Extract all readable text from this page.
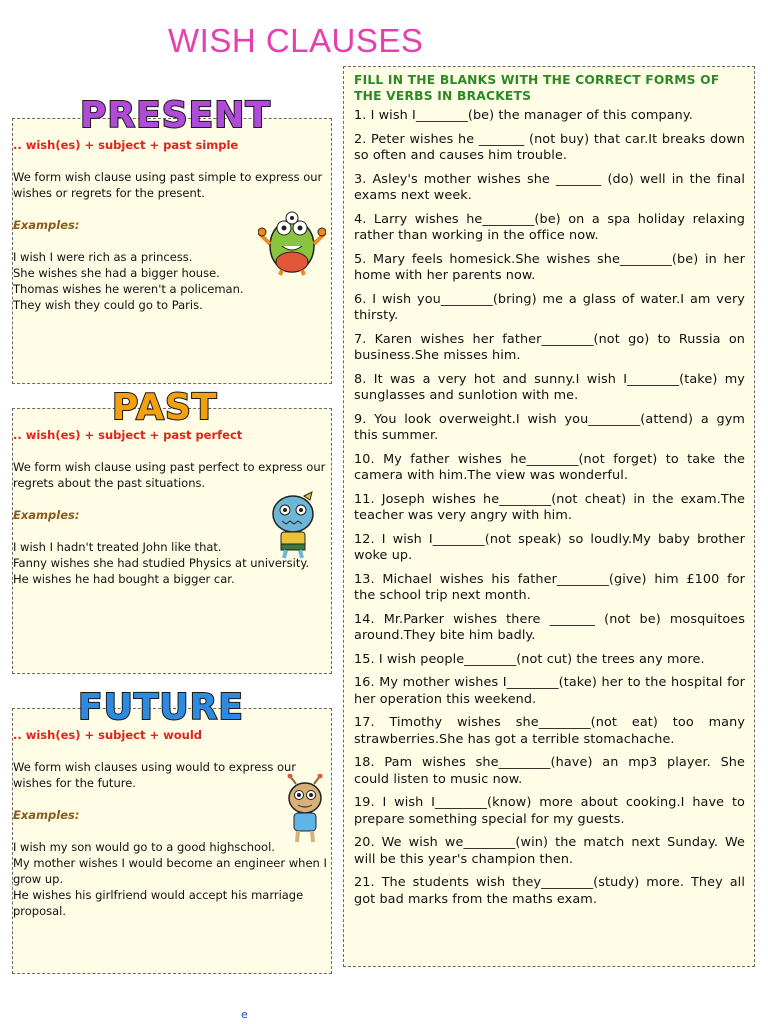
WISH CLAUSES
PRESENT

.. wish(es) + subject + past simple

We form wish clause using past simple to express our

wishes or regrets for the present.

Examples:

I wish I were rich as a princess.

She wishes she had a bigger house.

Thomas wishes he weren't a policeman.

They wish they could go to Paris.

PAST

.. wish(es) + subject + past perfect

We form wish clause using past perfect to express our

regrets about the past situations.

Examples:

I wish I hadn't treated John like that.

Fanny wishes she had studied Physics at university.

He wishes he had bought a bigger car.

FUTURE

.. wish(es) + subject + would

We form wish clauses using would to express our

wishes for the future.

Examples:

I wish my son would go to a good highschool.

My mother wishes I would become an engineer when I

grow up.

He wishes his girlfriend would accept his marriage

proposal.

FILL IN THE BLANKS WITH THE CORRECT FORMS OF THE VERBS IN BRACKETS

1. I wish I________(be) the manager of this company.

2. Peter wishes he _______ (not buy) that car.It breaks down so often and causes him trouble.

3. Asley's mother wishes she _______ (do) well in the final exams next week.

4. Larry wishes he________(be) on a spa holiday relaxing rather than working in the office now.

5. Mary feels homesick.She wishes she________(be) in her home with her parents now.

6. I wish you________(bring) me a glass of water.I am very thirsty.

7. Karen wishes her father________(not go) to Russia on business.She misses him.

8. It was a very hot and sunny.I wish I________(take) my sunglasses and sunlotion with me.

9. You look overweight.I wish you________(attend) a gym this summer.

10. My father wishes he________(not forget) to take the camera with him.The view was wonderful.

11. Joseph wishes he________(not cheat) in the exam.The teacher was very angry with him.

12. I wish I________(not speak) so loudly.My baby brother woke up.

13. Michael wishes his father________(give) him £100 for the school trip next month.

14. Mr.Parker wishes there _______ (not be) mosquitoes around.They bite him badly.

15. I wish people________(not cut) the trees any more.

16. My mother wishes I________(take) her to the hospital for her operation this weekend.

17. Timothy wishes she________(not eat) too many strawberries.She has got a terrible stomachache.

18. Pam wishes she________(have) an mp3 player. She could listen to music now.

19. I wish I________(know) more about cooking.I have to prepare something special for my guests.

20. We wish we________(win) the match next Sunday. We will be this year's champion then.

21. The students wish they________(study) more. They all got bad marks from the maths exam.

e
